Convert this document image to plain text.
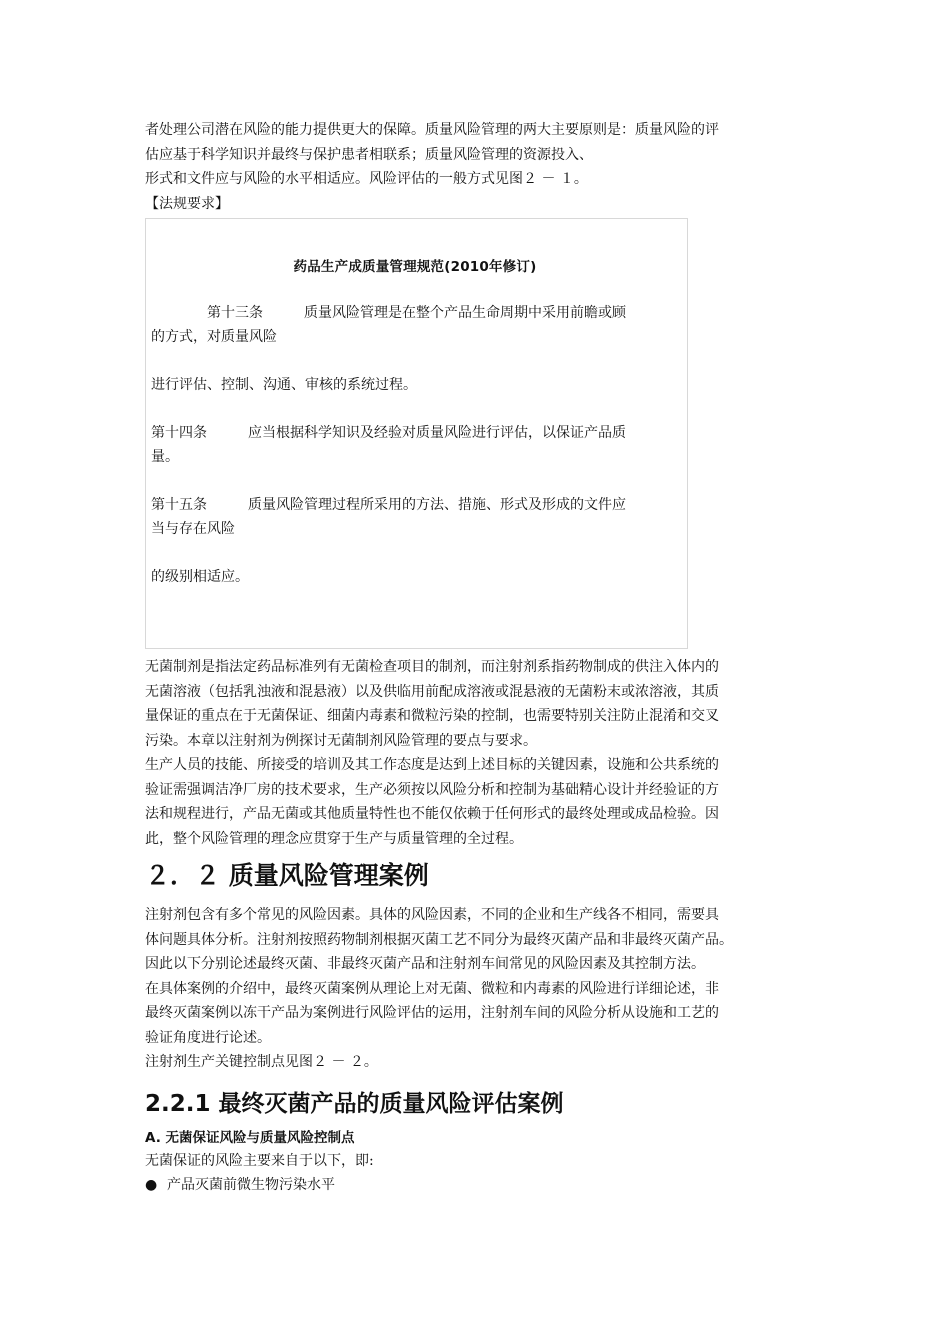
者处理公司潜在风险的能力提供更大的保障。质量风险管理的两大主要原则是：质量风险的评

估应基于科学知识并最终与保护患者相联系；质量风险管理的资源投入、

形式和文件应与风险的水平相适应。风险评估的一般方式见图２ － １。

【法规要求】

药品生产成质量管理规范(2010年修订)

第十三条	质量风险管理是在整个产品生命周期中采用前瞻或顾

的方式，对质量风险

进行评估、控制、沟通、审核的系统过程。

第十四条	应当根据科学知识及经验对质量风险进行评估，以保证产品质

量。

第十五条	质量风险管理过程所采用的方法、措施、形式及形成的文件应

当与存在风险

的级别相适应。

无菌制剂是指法定药品标准列有无菌检查项目的制剂，而注射剂系指药物制成的供注入体内的

无菌溶液（包括乳浊液和混悬液）以及供临用前配成溶液或混悬液的无菌粉末或浓溶液，其质

量保证的重点在于无菌保证、细菌内毒素和微粒污染的控制，也需要特别关注防止混淆和交叉

污染。本章以注射剂为例探讨无菌制剂风险管理的要点与要求。

生产人员的技能、所接受的培训及其工作态度是达到上述目标的关键因素，设施和公共系统的

验证需强调洁净厂房的技术要求，生产必须按以风险分析和控制为基础精心设计并经验证的方

法和规程进行，产品无菌或其他质量特性也不能仅依赖于任何形式的最终处理或成品检验。因

此，整个风险管理的理念应贯穿于生产与质量管理的全过程。

２．２ 质量风险管理案例

注射剂包含有多个常见的风险因素。具体的风险因素，不同的企业和生产线各不相同，需要具

体问题具体分析。注射剂按照药物制剂根据灭菌工艺不同分为最终灭菌产品和非最终灭菌产品。

因此以下分别论述最终灭菌、非最终灭菌产品和注射剂车间常见的风险因素及其控制方法。

在具体案例的介绍中，最终灭菌案例从理论上对无菌、微粒和内毒素的风险进行详细论述，非

最终灭菌案例以冻干产品为案例进行风险评估的运用，注射剂车间的风险分析从设施和工艺的

验证角度进行论述。

注射剂生产关键控制点见图２ － ２。

2.2.1 最终灭菌产品的质量风险评估案例

A. 无菌保证风险与质量风险控制点

无菌保证的风险主要来自于以下，即:

● 产品灭菌前微生物污染水平
